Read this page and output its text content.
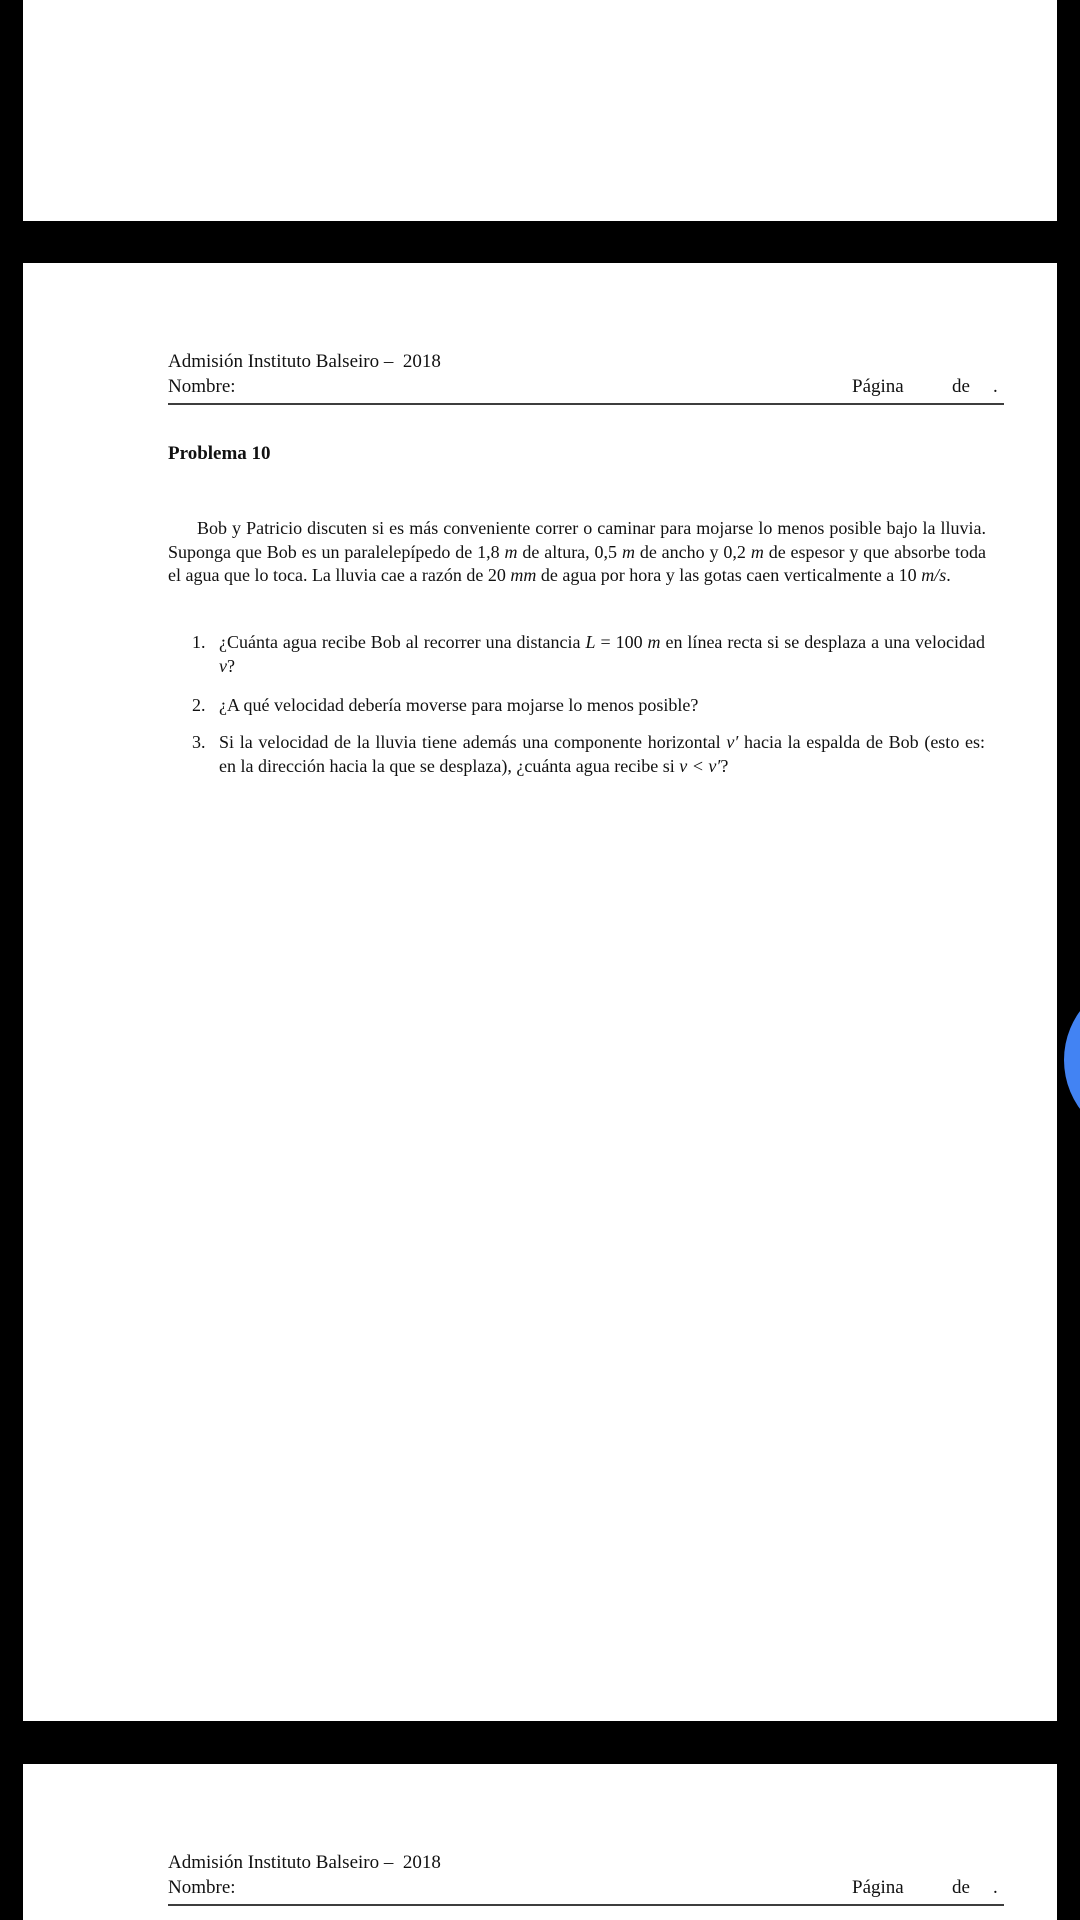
Admisión Instituto Balseiro –  2018
Nombre:	Página	de .
Problema 10
Bob y Patricio discuten si es más conveniente correr o caminar para mojarse lo menos posible bajo la lluvia. Suponga que Bob es un paralelepípedo de 1,8 m de altura, 0,5 m de ancho y 0,2 m de espesor y que absorbe toda el agua que lo toca. La lluvia cae a razón de 20 mm de agua por hora y las gotas caen verticalmente a 10 m/s.
1. ¿Cuánta agua recibe Bob al recorrer una distancia L = 100 m en línea recta si se desplaza a una velocidad v?
2. ¿A qué velocidad debería moverse para mojarse lo menos posible?
3. Si la velocidad de la lluvia tiene además una componente horizontal v′ hacia la espalda de Bob (esto es: en la dirección hacia la que se desplaza), ¿cuánta agua recibe si v < v′?
Admisión Instituto Balseiro –  2018
Nombre:	Página	de .
